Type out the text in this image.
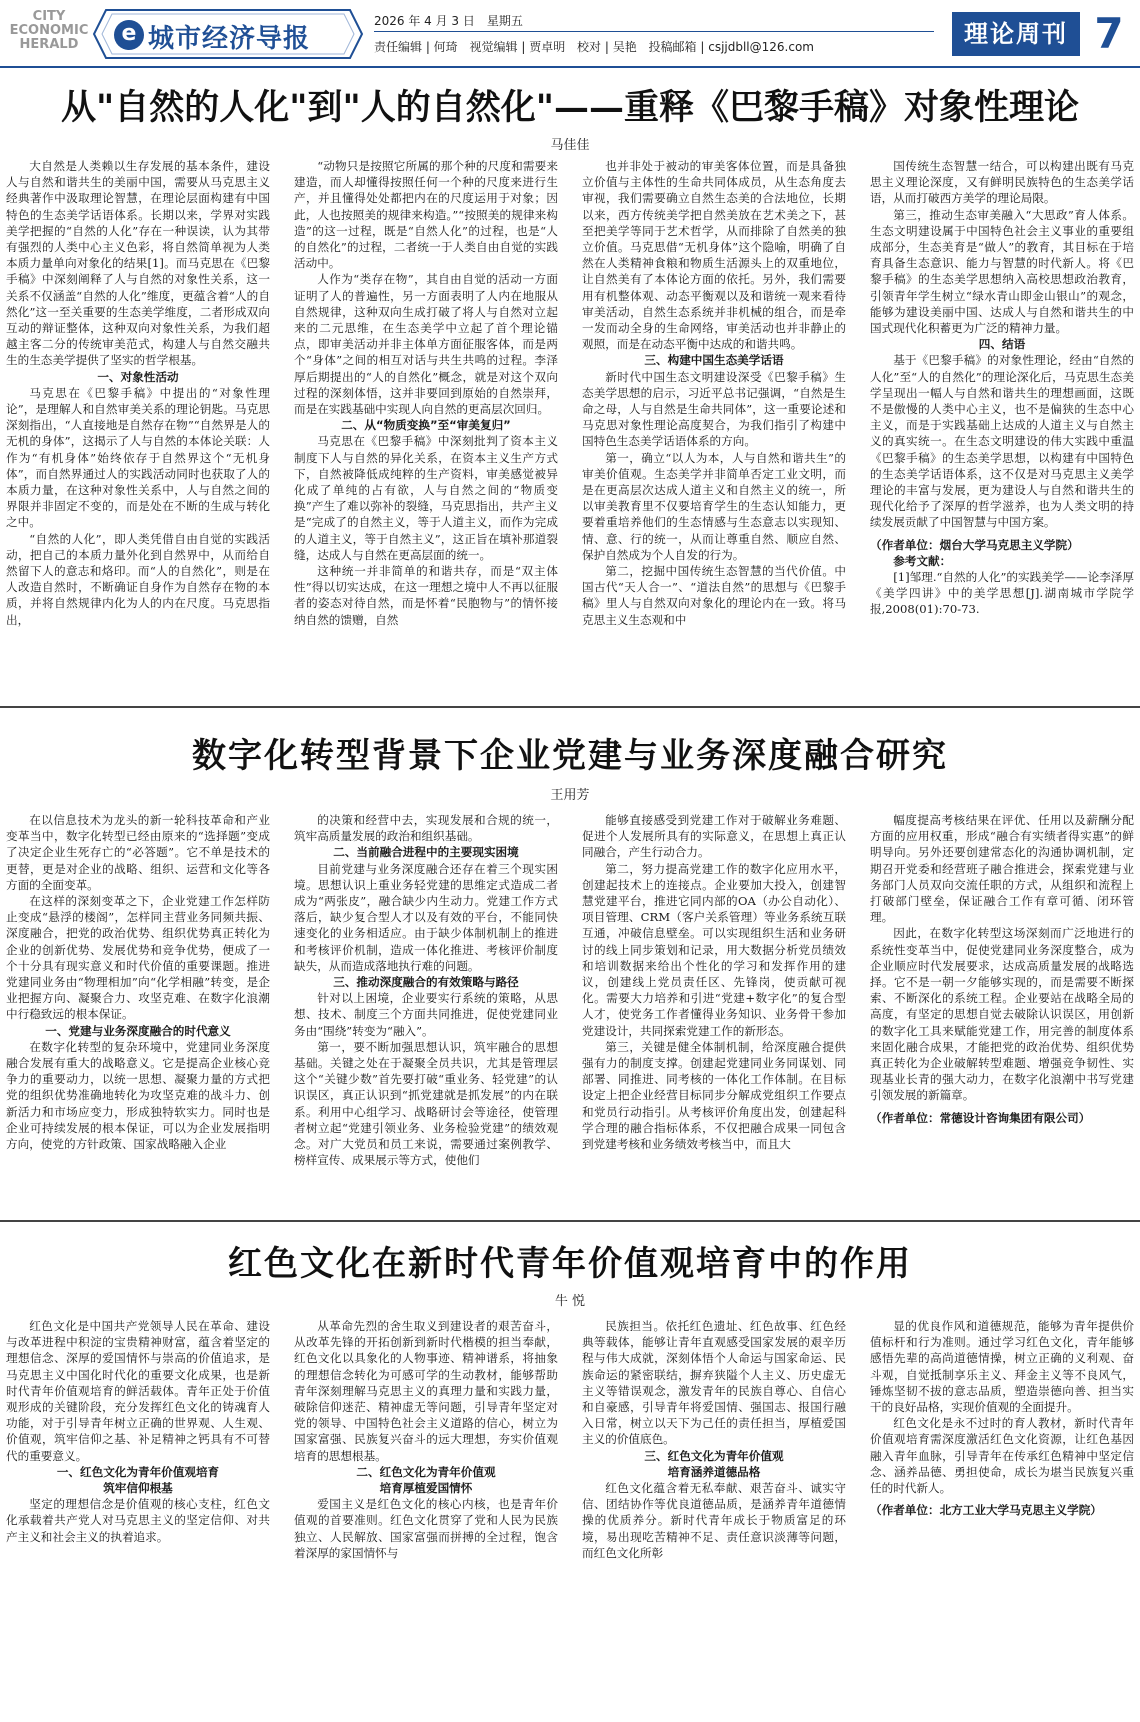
CITY
ECONOMIC
HERALD	e 城市经济导报
2026 年 4 月 3 日　星期五
责任编辑 | 何琦 视觉编辑 | 贾卓明 校对 | 吴艳 投稿邮箱 | csjjdbll@126.com	理论周刊 7
从"自然的人化"到"人的自然化"——重释《巴黎手稿》对象性理论
马佳佳

大自然是人类赖以生存发展的基本条件，建设人与自然和谐共生的美丽中国，需要从马克思主义经典著作中汲取理论智慧，在理论层面构建有中国特色的生态美学话语体系。长期以来，学界对实践美学把握的“自然的人化”存在一种误读，认为其带有强烈的人类中心主义色彩，将自然简单视为人类本质力量单向对象化的结果[1]。而马克思在《巴黎手稿》中深刻阐释了人与自然的对象性关系，这一关系不仅涵盖“自然的人化”维度，更蕴含着“人的自然化”这一至关重要的生态美学维度，二者形成双向互动的辩证整体，这种双向对象性关系，为我们超越主客二分的传统审美范式，构建人与自然交融共生的生态美学提供了坚实的哲学根基。

一、对象性活动

马克思在《巴黎手稿》中提出的“对象性理论”，是理解人和自然审美关系的理论钥匙。马克思深刻指出，“人直接地是自然存在物”“自然界是人的无机的身体”，这揭示了人与自然的本体论关联：人作为“有机身体”始终依存于自然界这个“无机身体”，而自然界通过人的实践活动同时也获取了人的本质力量，在这种对象性关系中，人与自然之间的界限并非固定不变的，而是处在不断的生成与转化之中。

“自然的人化”，即人类凭借自由自觉的实践活动，把自己的本质力量外化到自然界中，从而给自然留下人的意志和烙印。而“人的自然化”，则是在人改造自然时，不断确证自身作为自然存在物的本质，并将自然规律内化为人的内在尺度。马克思指出，

“动物只是按照它所属的那个种的尺度和需要来建造，而人却懂得按照任何一个种的尺度来进行生产，并且懂得处处都把内在的尺度运用于对象；因此，人也按照美的规律来构造。”“按照美的规律来构造”的这一过程，既是“自然人化”的过程，也是“人的自然化”的过程，二者统一于人类自由自觉的实践活动中。

人作为“类存在物”，其自由自觉的活动一方面证明了人的普遍性，另一方面表明了人内在地服从自然规律，这种双向生成打破了将人与自然对立起来的二元思维，在生态美学中立起了首个理论锚点，即审美活动并非主体单方面征服客体，而是两个“身体”之间的相互对话与共生共鸣的过程。李泽厚后期提出的“人的自然化”概念，就是对这个双向过程的深刻体悟，这并非要回到原始的自然崇拜，而是在实践基础中实现人向自然的更高层次回归。

二、从“物质变换”至“审美复归”

马克思在《巴黎手稿》中深刻批判了资本主义制度下人与自然的异化关系，在资本主义生产方式下，自然被降低成纯粹的生产资料，审美感觉被异化成了单纯的占有欲，人与自然之间的“物质变换”产生了难以弥补的裂缝，马克思指出，共产主义是“完成了的自然主义，等于人道主义，而作为完成的人道主义，等于自然主义”，这正旨在填补那道裂缝，达成人与自然在更高层面的统一。

这种统一并非简单的和谐共存，而是“双主体性”得以切实达成，在这一理想之境中人不再以征服者的姿态对待自然，而是怀着“民胞物与”的情怀接纳自然的馈赠，自然

也并非处于被动的审美客体位置，而是具备独立价值与主体性的生命共同体成员，从生态角度去审视，我们需要确立自然生态美的合法地位，长期以来，西方传统美学把自然美放在艺术美之下，甚至把美学等同于艺术哲学，从而排除了自然美的独立价值。马克思借“无机身体”这个隐喻，明确了自然在人类精神食粮和物质生活源头上的双重地位，让自然美有了本体论方面的依托。另外，我们需要用有机整体观、动态平衡观以及和谐统一观来看待审美活动，自然生态系统并非机械的组合，而是牵一发而动全身的生命网络，审美活动也并非静止的观照，而是在动态平衡中达成的和谐共鸣。

三、构建中国生态美学话语

新时代中国生态文明建设深受《巴黎手稿》生态美学思想的启示，习近平总书记强调，“自然是生命之母，人与自然是生命共同体”，这一重要论述和马克思对象性理论高度契合，为我们指引了构建中国特色生态美学话语体系的方向。

第一，确立“以人为本，人与自然和谐共生”的审美价值观。生态美学并非简单否定工业文明，而是在更高层次达成人道主义和自然主义的统一，所以审美教育里不仅要培育学生的生态认知能力，更要着重培养他们的生态情感与生态意志以实现知、情、意、行的统一，从而让尊重自然、顺应自然、保护自然成为个人自发的行为。

第二，挖掘中国传统生态智慧的当代价值。中国古代“天人合一”、“道法自然”的思想与《巴黎手稿》里人与自然双向对象化的理论内在一致。将马克思主义生态观和中

国传统生态智慧一结合，可以构建出既有马克思主义理论深度，又有鲜明民族特色的生态美学话语，从而打破西方美学的理论局限。

第三，推动生态审美融入“大思政”育人体系。生态文明建设属于中国特色社会主义事业的重要组成部分，生态美育是“做人”的教育，其目标在于培育具备生态意识、能力与智慧的时代新人。将《巴黎手稿》的生态美学思想纳入高校思想政治教育，引领青年学生树立“绿水青山即金山银山”的观念，能够为建设美丽中国、达成人与自然和谐共生的中国式现代化积蓄更为广泛的精神力量。

四、结语

基于《巴黎手稿》的对象性理论，经由“自然的人化”至“人的自然化”的理论深化后，马克思生态美学呈现出一幅人与自然和谐共生的理想画面，这既不是傲慢的人类中心主义，也不是偏狭的生态中心主义，而是于实践基础上达成的人道主义与自然主义的真实统一。在生态文明建设的伟大实践中重温《巴黎手稿》的生态美学思想，以构建有中国特色的生态美学话语体系，这不仅是对马克思主义美学理论的丰富与发展，更为建设人与自然和谐共生的现代化给予了深厚的哲学滋养，也为人类文明的持续发展贡献了中国智慧与中国方案。

（作者单位：烟台大学马克思主义学院）

参考文献：

[1]邹理.“自然的人化”的实践美学——论李泽厚《美学四讲》中的美学思想[J].湖南城市学院学报,2008(01):70-73.

数字化转型背景下企业党建与业务深度融合研究
王用芳

在以信息技术为龙头的新一轮科技革命和产业变革当中，数字化转型已经由原来的“选择题”变成了决定企业生死存亡的“必答题”。它不单是技术的更替，更是对企业的战略、组织、运营和文化等各方面的全面变革。

在这样的深刻变革之下，企业党建工作怎样防止变成“悬浮的楼阁”，怎样同主营业务同频共振、深度融合，把党的政治优势、组织优势真正转化为企业的创新优势、发展优势和竞争优势，便成了一个十分具有现实意义和时代价值的重要课题。推进党建同业务由“物理相加”向“化学相融”转变，是企业把握方向、凝聚合力、攻坚克难、在数字化浪潮中行稳致远的根本保证。

一、党建与业务深度融合的时代意义

在数字化转型的复杂环境中，党建同业务深度融合发展有重大的战略意义。它是提高企业核心竞争力的重要动力，以统一思想、凝聚力量的方式把党的组织优势准确地转化为攻坚克难的战斗力、创新活力和市场应变力，形成独特软实力。同时也是企业可持续发展的根本保证，可以为企业发展指明方向，使党的方针政策、国家战略融入企业

的决策和经营中去，实现发展和合规的统一，筑牢高质量发展的政治和组织基础。

二、当前融合进程中的主要现实困境

目前党建与业务深度融合还存在着三个现实困境。思想认识上重业务轻党建的思维定式造成二者成为“两张皮”，融合缺少内生动力。党建工作方式落后，缺少复合型人才以及有效的平台，不能同快速变化的业务相适应。由于缺少体制机制上的推进和考核评价机制，造成一体化推进、考核评价制度缺失，从而造成落地执行难的问题。

三、推动深度融合的有效策略与路径

针对以上困境，企业要实行系统的策略，从思想、技术、制度三个方面共同推进，促使党建同业务由“围绕”转变为“融入”。

第一，要不断加强思想认识，筑牢融合的思想基础。关键之处在于凝聚全员共识，尤其是管理层这个“关键少数”首先要打破“重业务、轻党建”的认识误区，真正认识到“抓党建就是抓发展”的内在联系。利用中心组学习、战略研讨会等途径，使管理者树立起“党建引领业务、业务检验党建”的绩效观念。对广大党员和员工来说，需要通过案例教学、榜样宣传、成果展示等方式，使他们

能够直接感受到党建工作对于破解业务难题、促进个人发展所具有的实际意义，在思想上真正认同融合，产生行动合力。

第二，努力提高党建工作的数字化应用水平，创建起技术上的连接点。企业要加大投入，创建智慧党建平台，推进它同内部的OA（办公自动化）、项目管理、CRM（客户关系管理）等业务系统互联互通，冲破信息壁垒。可以实现组织生活和业务研讨的线上同步策划和记录，用大数据分析党员绩效和培训数据来给出个性化的学习和发挥作用的建议，创建线上党员责任区、先锋岗，使贡献可视化。需要大力培养和引进“党建+数字化”的复合型人才，使党务工作者懂得业务知识、业务骨干参加党建设计，共同探索党建工作的新形态。

第三，关键是健全体制机制，给深度融合提供强有力的制度支撑。创建起党建同业务同谋划、同部署、同推进、同考核的一体化工作体制。在目标设定上把企业经营目标同步分解成党组织工作要点和党员行动指引。从考核评价角度出发，创建起科学合理的融合指标体系，不仅把融合成果一同包含到党建考核和业务绩效考核当中，而且大

幅度提高考核结果在评优、任用以及薪酬分配方面的应用权重，形成“融合有实绩者得实惠”的鲜明导向。另外还要创建常态化的沟通协调机制，定期召开党委和经营班子融合推进会，探索党建与业务部门人员双向交流任职的方式，从组织和流程上打破部门壁垒，保证融合工作有章可循、闭环管理。

因此，在数字化转型这场深刻而广泛地进行的系统性变革当中，促使党建同业务深度整合，成为企业顺应时代发展要求，达成高质量发展的战略选择。它不是一朝一夕能够实现的，而是需要不断探索、不断深化的系统工程。企业要站在战略全局的高度，有坚定的思想自觉去破除认识误区，用创新的数字化工具来赋能党建工作，用完善的制度体系来固化融合成果，才能把党的政治优势、组织优势真正转化为企业破解转型难题、增强竞争韧性、实现基业长青的强大动力，在数字化浪潮中书写党建引领发展的新篇章。

（作者单位：常德设计咨询集团有限公司）

红色文化在新时代青年价值观培育中的作用
牛 悦

红色文化是中国共产党领导人民在革命、建设与改革进程中积淀的宝贵精神财富，蕴含着坚定的理想信念、深厚的爱国情怀与崇高的价值追求，是马克思主义中国化时代化的重要文化成果，也是新时代青年价值观培育的鲜活载体。青年正处于价值观形成的关键阶段，充分发挥红色文化的铸魂育人功能，对于引导青年树立正确的世界观、人生观、价值观，筑牢信仰之基、补足精神之钙具有不可替代的重要意义。

一、红色文化为青年价值观培育

筑牢信仰根基

坚定的理想信念是价值观的核心支柱，红色文化承载着共产党人对马克思主义的坚定信仰、对共产主义和社会主义的执着追求。

从革命先烈的舍生取义到建设者的艰苦奋斗，从改革先锋的开拓创新到新时代楷模的担当奉献，红色文化以具象化的人物事迹、精神谱系，将抽象的理想信念转化为可感可学的生动教材，能够帮助青年深刻理解马克思主义的真理力量和实践力量，破除信仰迷茫、精神虚无等问题，引导青年坚定对党的领导、中国特色社会主义道路的信心，树立为国家富强、民族复兴奋斗的远大理想，夯实价值观培育的思想根基。

二、红色文化为青年价值观

培育厚植爱国情怀

爱国主义是红色文化的核心内核，也是青年价值观的首要准则。红色文化贯穿了党和人民为民族独立、人民解放、国家富强而拼搏的全过程，饱含着深厚的家国情怀与

民族担当。依托红色遗址、红色故事、红色经典等载体，能够让青年直观感受国家发展的艰辛历程与伟大成就，深刻体悟个人命运与国家命运、民族命运的紧密联结，摒弃狭隘个人主义、历史虚无主义等错误观念，激发青年的民族自尊心、自信心和自豪感，引导青年将爱国情、强国志、报国行融入日常，树立以天下为己任的责任担当，厚植爱国主义的价值底色。

三、红色文化为青年价值观

培育涵养道德品格

红色文化蕴含着无私奉献、艰苦奋斗、诚实守信、团结协作等优良道德品质，是涵养青年道德情操的优质养分。新时代青年成长于物质富足的环境，易出现吃苦精神不足、责任意识淡薄等问题，而红色文化所彰

显的优良作风和道德规范，能够为青年提供价值标杆和行为准则。通过学习红色文化，青年能够感悟先辈的高尚道德情操，树立正确的义利观、奋斗观，自觉抵制享乐主义、拜金主义等不良风气，锤炼坚韧不拔的意志品质，塑造崇德向善、担当实干的良好品格，实现价值观的全面提升。

红色文化是永不过时的育人教材，新时代青年价值观培育需深度激活红色文化资源，让红色基因融入青年血脉，引导青年在传承红色精神中坚定信念、涵养品德、勇担使命，成长为堪当民族复兴重任的时代新人。

（作者单位：北方工业大学马克思主义学院）
